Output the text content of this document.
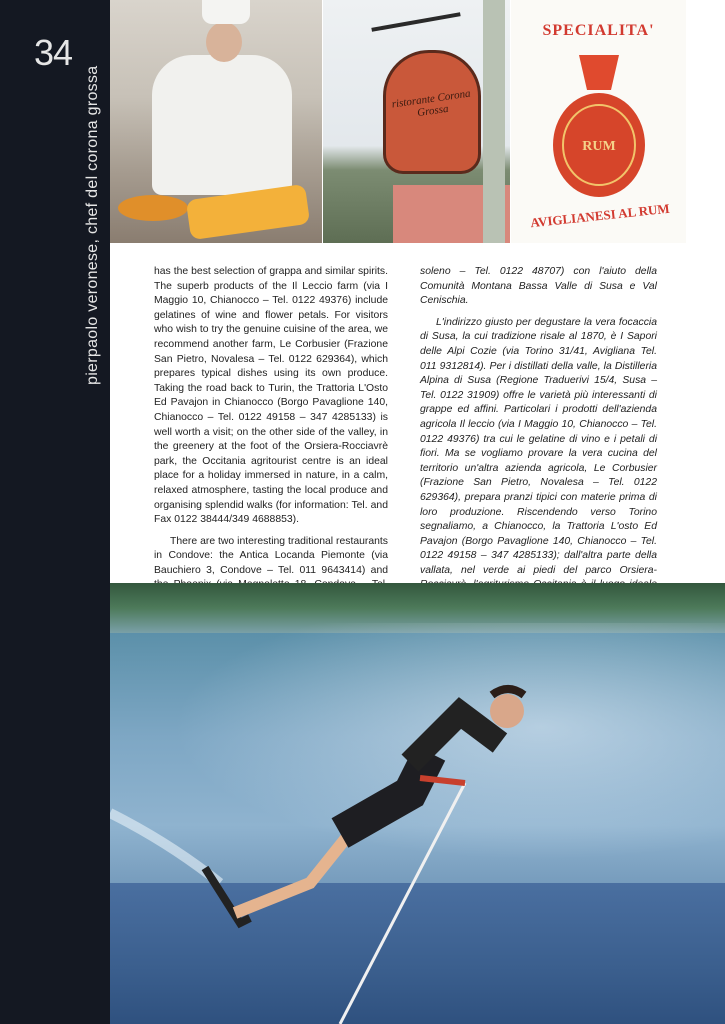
34
pierpaolo veronese, chef del corona grossa	ristorante Corona Grossa
SPECIALITA'
RUM
AVIGLIANESI AL RUM

has the best selection of grappa and similar spirits. The superb products of the Il Leccio farm (via I Maggio 10, Chianocco – Tel. 0122 49376) include gelatines of wine and flower petals. For visitors who wish to try the genuine cuisine of the area, we recommend another farm, Le Corbusier (Frazione San Pietro, Novalesa – Tel. 0122 629364), which prepares typical dishes using its own produce. Taking the road back to Turin, the Trattoria L'Osto Ed Pavajon in Chianocco (Borgo Pavaglione 140, Chianocco – Tel. 0122 49158 – 347 4285133) is well worth a visit; on the other side of the valley, in the greenery at the foot of the Orsiera-Rocciavrè park, the Occitania agritourist centre is an ideal place for a holiday immersed in nature, in a calm, relaxed atmosphere, tasting the local produce and organising splendid walks (for information: Tel. and Fax 0122 38444/349 4688853).

There are two interesting traditional restaurants in Condove: the Antica Locanda Piemonte (via Bauchiero 3, Condove – Tel. 011 9643414) and

soleno – Tel. 0122 48707) con l'aiuto della Comunità Montana Bassa Valle di Susa e Val Cenischia.

L'indirizzo giusto per degustare la vera focaccia di Susa, la cui tradizione risale al 1870, è I Sapori delle Alpi Cozie (via Torino 31/41, Avigliana Tel. 011 9312814). Per i distillati della valle, la Distilleria Alpina di Susa (Regione Traduerivi 15/4, Susa – Tel. 0122 31909) offre le varietà più interessanti di grappe ed affini. Particolari i prodotti dell'azienda agricola Il leccio (via I Maggio 10, Chianocco – Tel. 0122 49376) tra cui le gelatine di vino e i petali di fiori. Ma se vogliamo provare la vera cucina del territorio un'altra azienda agricola, Le Corbusier (Frazione San Pietro, Novalesa – Tel. 0122 629364), prepara pranzi tipici con materie prima di loro produzione. Riscendendo verso Torino segnaliamo, a Chianocco, la Trattoria L'osto Ed Pavajon (Borgo Pavaglione 140, Chianocco – Tel. 0122 49158 – 347 4285133); dall'altra parte della vallata, nel verde ai piedi del parco Orsiera-
